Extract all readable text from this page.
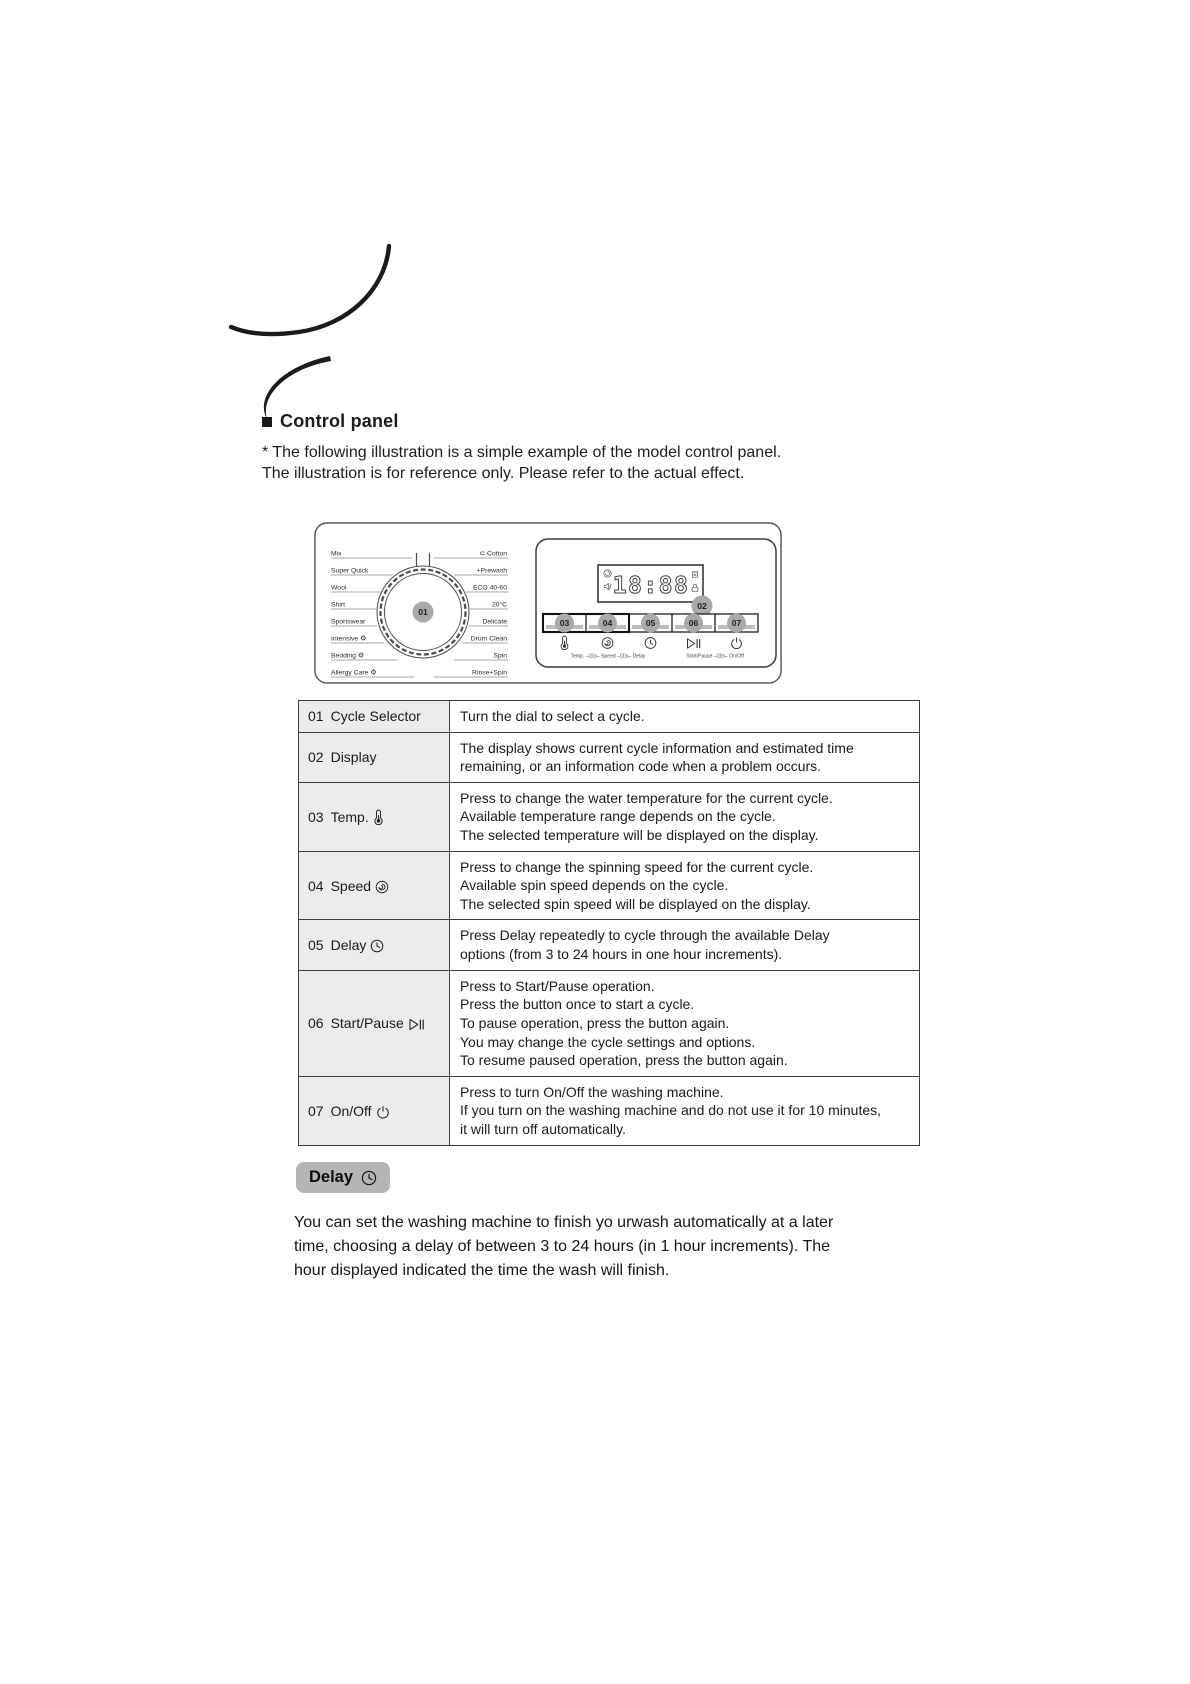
Control panel
* The following illustration is a simple example of the model control panel.
The illustration is for reference only. Please refer to the actual effect.
01
Mix
Super Quick
Wool
Shirt
Sportswear
Intensive ⚙
Bedding ⚙
Allergy Care ⚙
⊂ Cotton
+Prewash
ECO 40-60
20°C
Delicate
Drum Clean
Spin
Rinse+Spin
18:88
02
03	04	05	06	07
Temp. –(3)s– Speed –(3)s– Delay	Start/Pause –(3)s– On/Off
01 Cycle Selector	Turn the dial to select a cycle.

02 Display	The display shows current cycle information and estimated time
remaining, or an information code when a problem occurs.

03 Temp.	Press to change the water temperature for the current cycle.
Available temperature range depends on the cycle.
The selected temperature will be displayed on the display.

04 Speed	Press to change the spinning speed for the current cycle.
Available spin speed depends on the cycle.
The selected spin speed will be displayed on the display.

05 Delay	Press Delay repeatedly to cycle through the available Delay
options (from 3 to 24 hours in one hour increments).

06 Start/Pause	Press to Start/Pause operation.
Press the button once to start a cycle.
To pause operation, press the button again.
You may change the cycle settings and options.
To resume paused operation, press the button again.

07 On/Off	Press to turn On/Off the washing machine.
If you turn on the washing machine and do not use it for 10 minutes,
it will turn off automatically.
Delay
You can set the washing machine to finish yo urwash automatically at a later
time, choosing a delay of between 3 to 24 hours (in 1 hour increments). The
hour displayed indicated the time the wash will finish.
